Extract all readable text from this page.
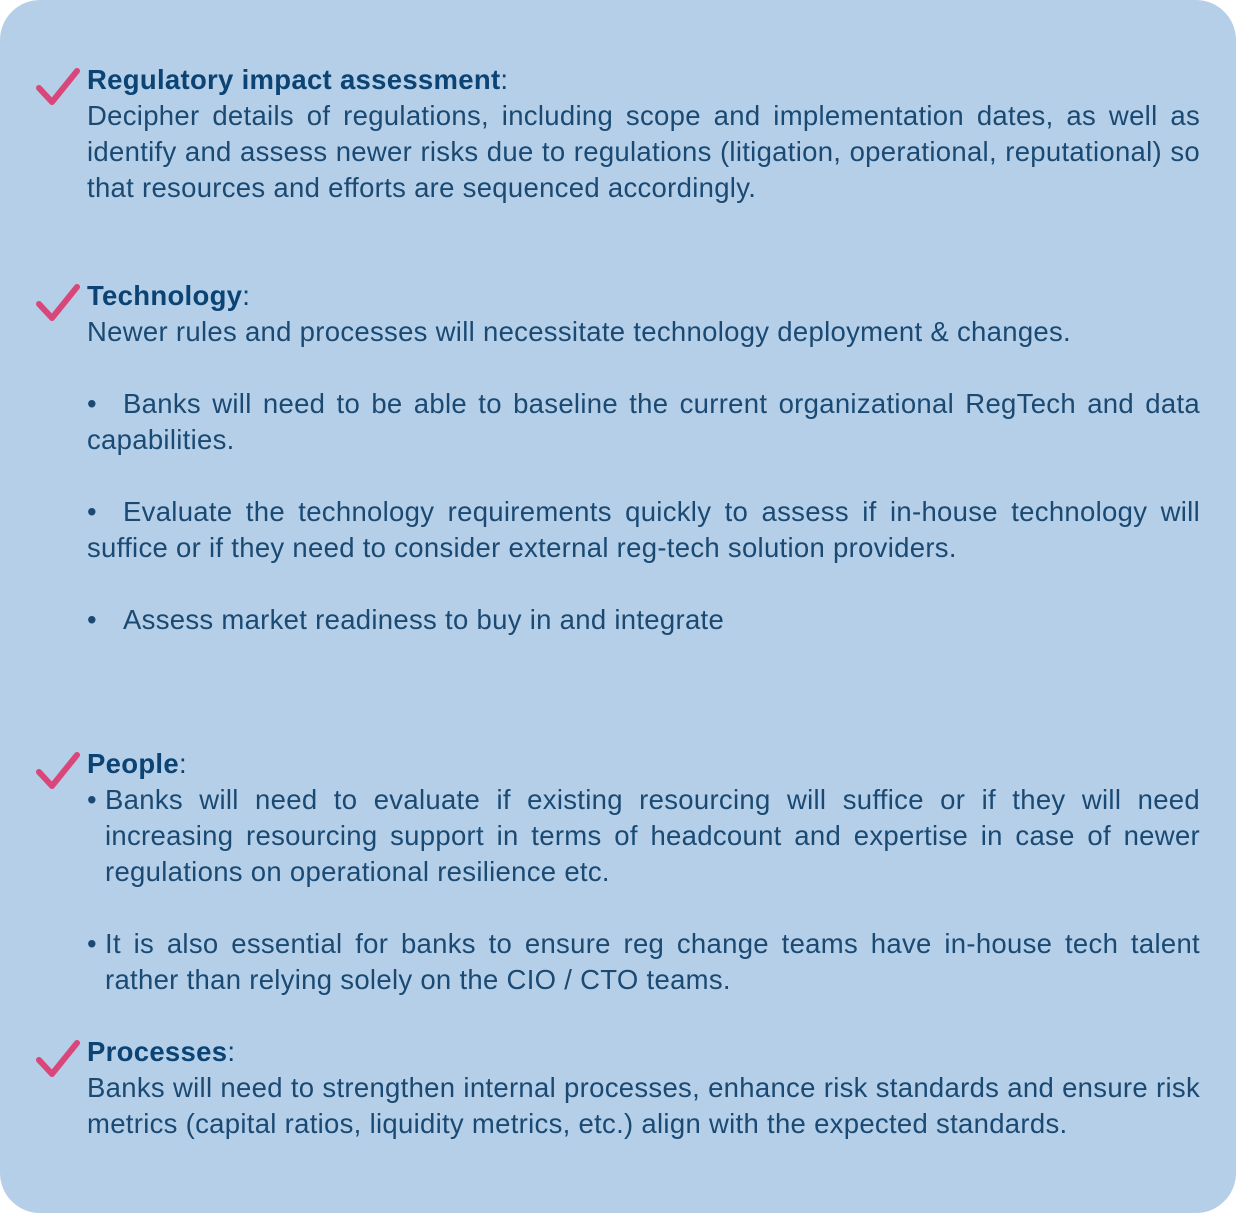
Regulatory impact assessment:
Decipher details of regulations, including scope and implementation dates, as well as identify and assess newer risks due to regulations (litigation, operational, reputational) so that resources and efforts are sequenced accordingly.
Technology:
Newer rules and processes will necessitate technology deployment & changes.
• Banks will need to be able to baseline the current organizational RegTech and data capabilities.
• Evaluate the technology requirements quickly to assess if in-house technology will suffice or if they need to consider external reg-tech solution providers.
• Assess market readiness to buy in and integrate
People:
• Banks will need to evaluate if existing resourcing will suffice or if they will need increasing resourcing support in terms of headcount and expertise in case of newer regulations on operational resilience etc.
• It is also essential for banks to ensure reg change teams have in-house tech talent rather than relying solely on the CIO / CTO teams.
Processes:
Banks will need to strengthen internal processes, enhance risk standards and ensure risk metrics (capital ratios, liquidity metrics, etc.) align with the expected standards.
